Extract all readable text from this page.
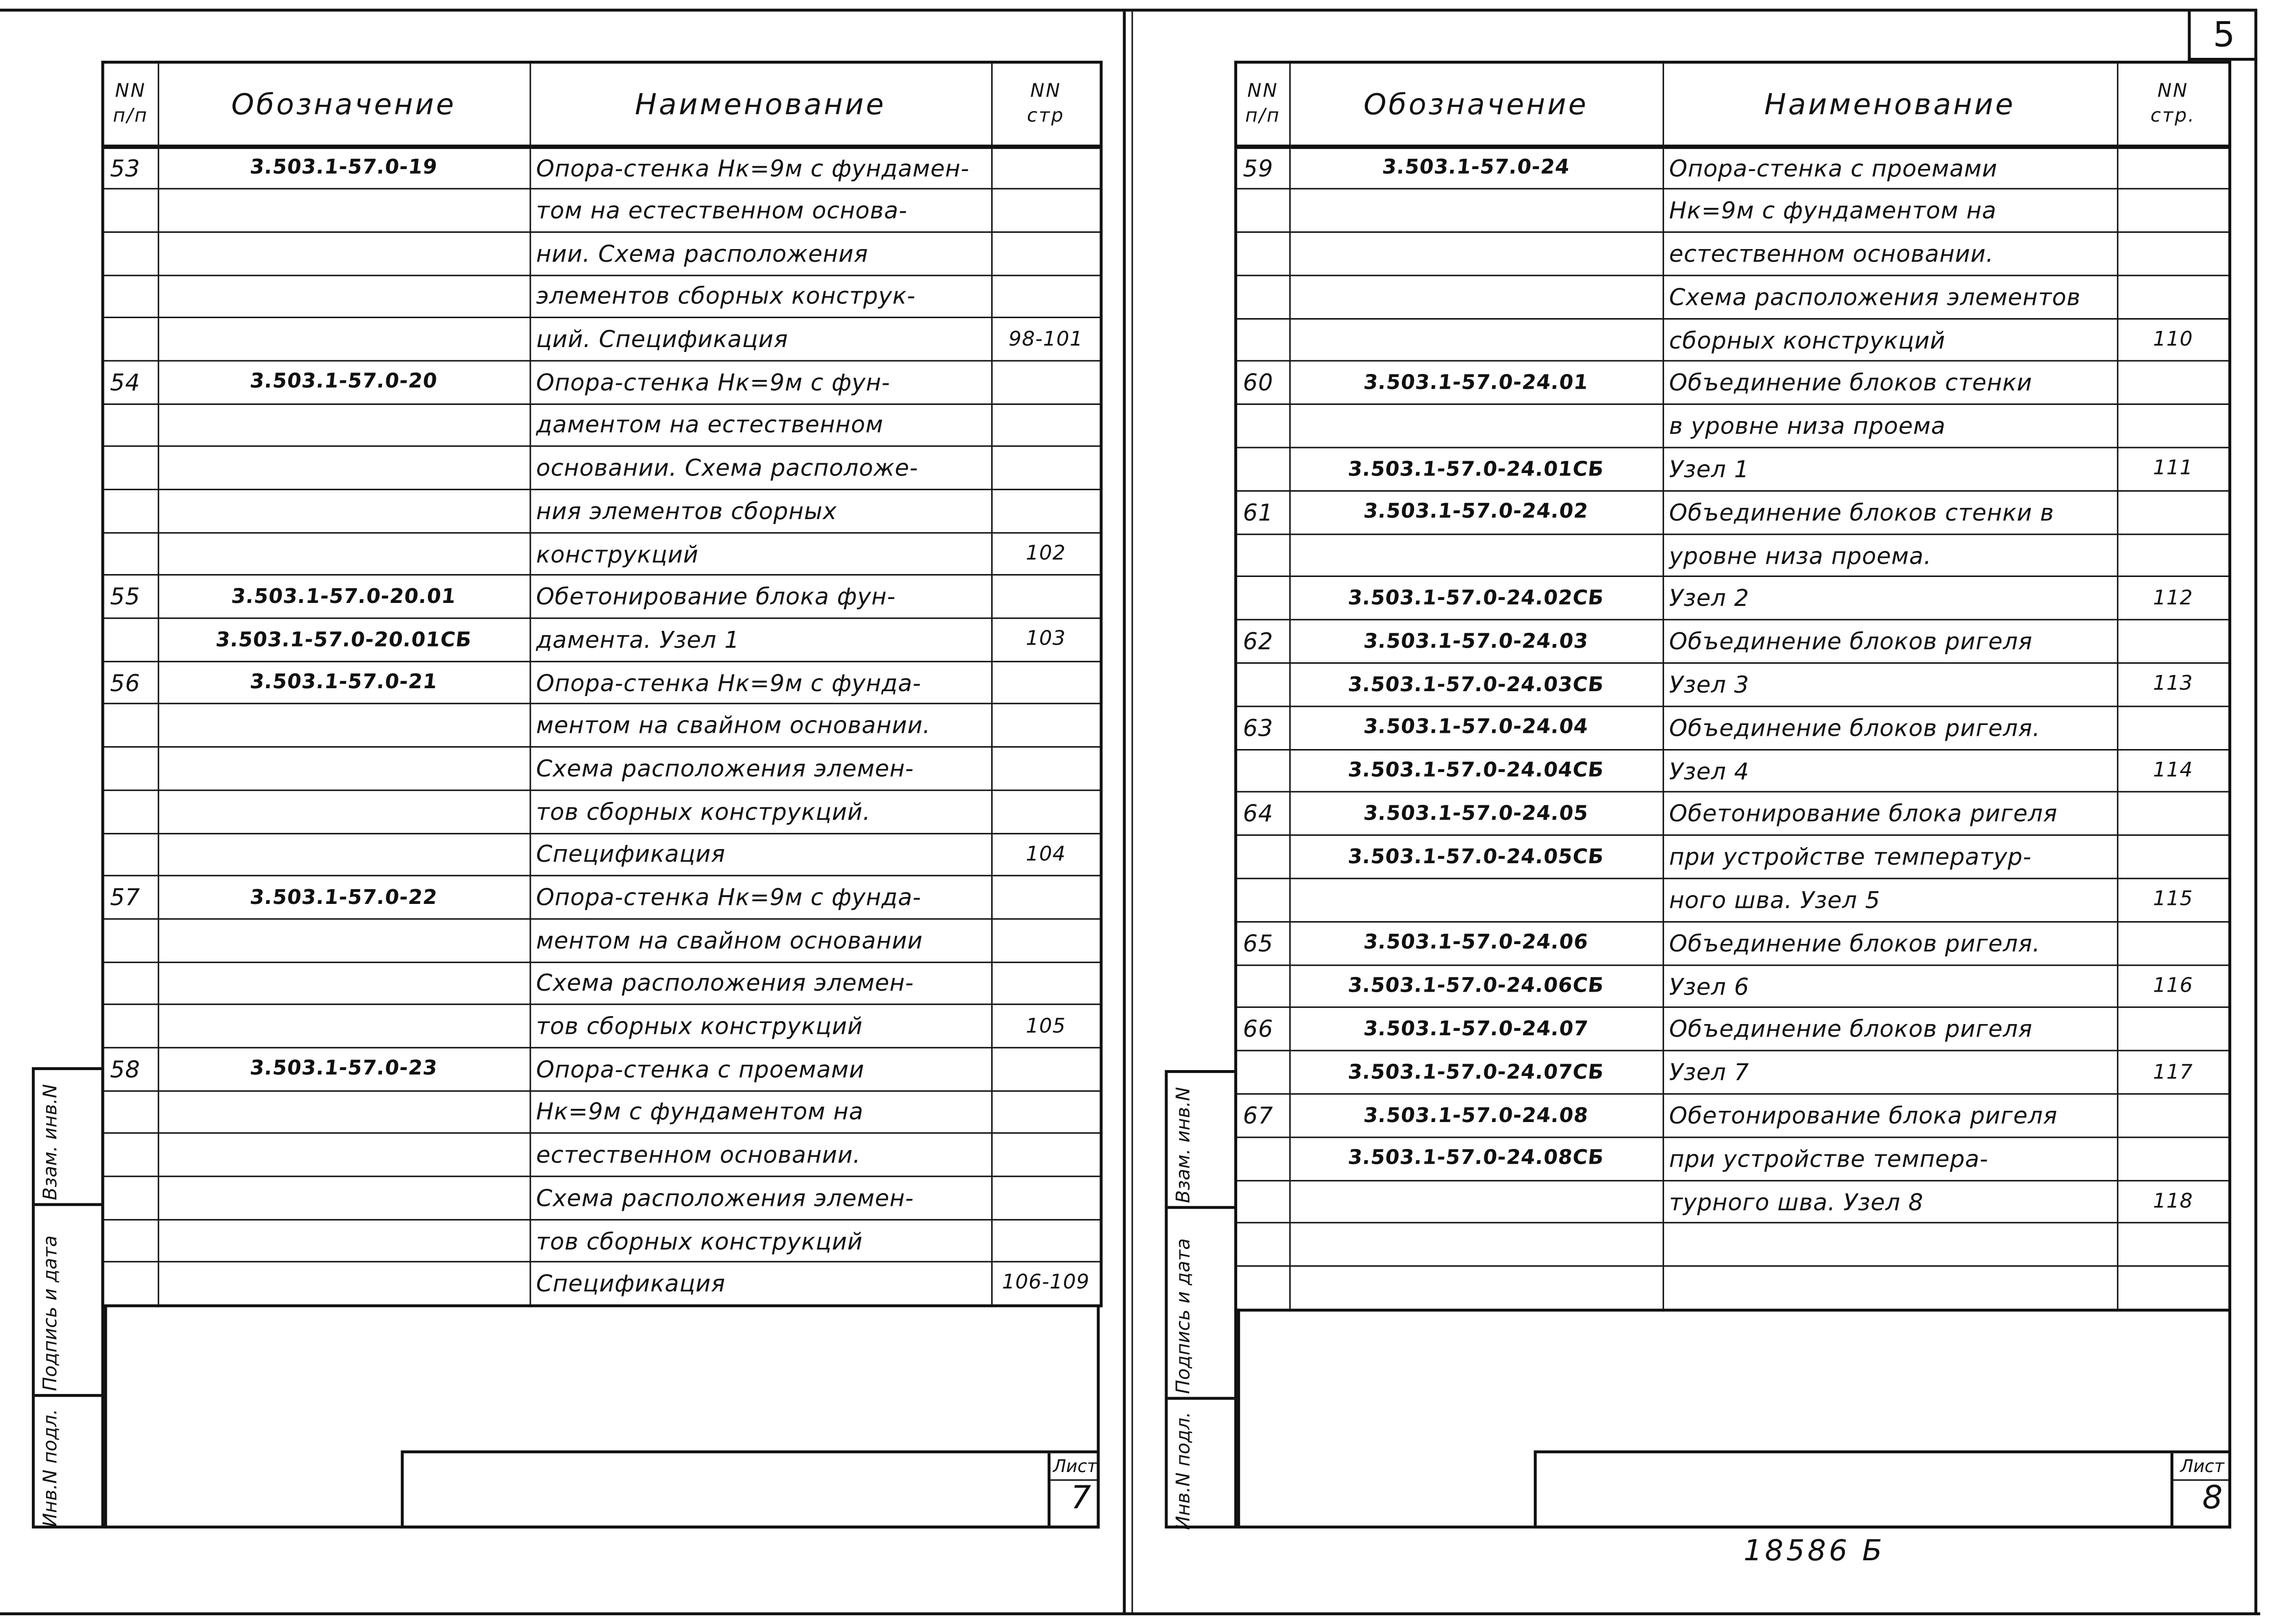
NN
п/п	Обозначение	Наименование	NN
стр
53	3.503.1-57.0-19	Опора-стенка Hк=9м с фундамен-	
		том на естественном основа-	
		нии. Схема расположения	
		элементов сборных конструк-	
		ций. Спецификация	98-101
54	3.503.1-57.0-20	Опора-стенка Hк=9м с фун-	
		даментом на естественном	
		основании. Схема расположе-	
		ния элементов сборных	
		конструкций	102
55	3.503.1-57.0-20.01	Обетонирование блока фун-	
	3.503.1-57.0-20.01СБ	дамента. Узел 1	103
56	3.503.1-57.0-21	Опора-стенка Hк=9м с фунда-	
		ментом на свайном основании.	
		Схема расположения элемен-	
		тов сборных конструкций.	
		Спецификация	104
57	3.503.1-57.0-22	Опора-стенка Hк=9м с фунда-	
		ментом на свайном основании	
		Схема расположения элемен-	
		тов сборных конструкций	105
58	3.503.1-57.0-23	Опора-стенка с проемами	
		Hк=9м с фундаментом на	
		естественном основании.	
		Схема расположения элемен-	
		тов сборных конструкций	
		Спецификация	106-109
Взам. инв.N
Подпись и дата
Инв.N подл.	Лист
7
5
NN
п/п	Обозначение	Наименование	NN
стр.
59	3.503.1-57.0-24	Опора-стенка с проемами	
		Hк=9м с фундаментом на	
		естественном основании.	
		Схема расположения элементов	
		сборных конструкций	110
60	3.503.1-57.0-24.01	Объединение блоков стенки	
		в уровне низа проема	
	3.503.1-57.0-24.01СБ	Узел 1	111
61	3.503.1-57.0-24.02	Объединение блоков стенки в	
		уровне низа проема.	
	3.503.1-57.0-24.02СБ	Узел 2	112
62	3.503.1-57.0-24.03	Объединение блоков ригеля	
	3.503.1-57.0-24.03СБ	Узел 3	113
63	3.503.1-57.0-24.04	Объединение блоков ригеля.	
	3.503.1-57.0-24.04СБ	Узел 4	114
64	3.503.1-57.0-24.05	Обетонирование блока ригеля	
	3.503.1-57.0-24.05СБ	при устройстве температур-	
		ного шва. Узел 5	115
65	3.503.1-57.0-24.06	Объединение блоков ригеля.	
	3.503.1-57.0-24.06СБ	Узел 6	116
66	3.503.1-57.0-24.07	Объединение блоков ригеля	
	3.503.1-57.0-24.07СБ	Узел 7	117
67	3.503.1-57.0-24.08	Обетонирование блока ригеля	
	3.503.1-57.0-24.08СБ	при устройстве темпера-	
		турного шва. Узел 8	118

Взам. инв.N
Подпись и дата
Инв.N подл.	Лист
8
18586 Б
